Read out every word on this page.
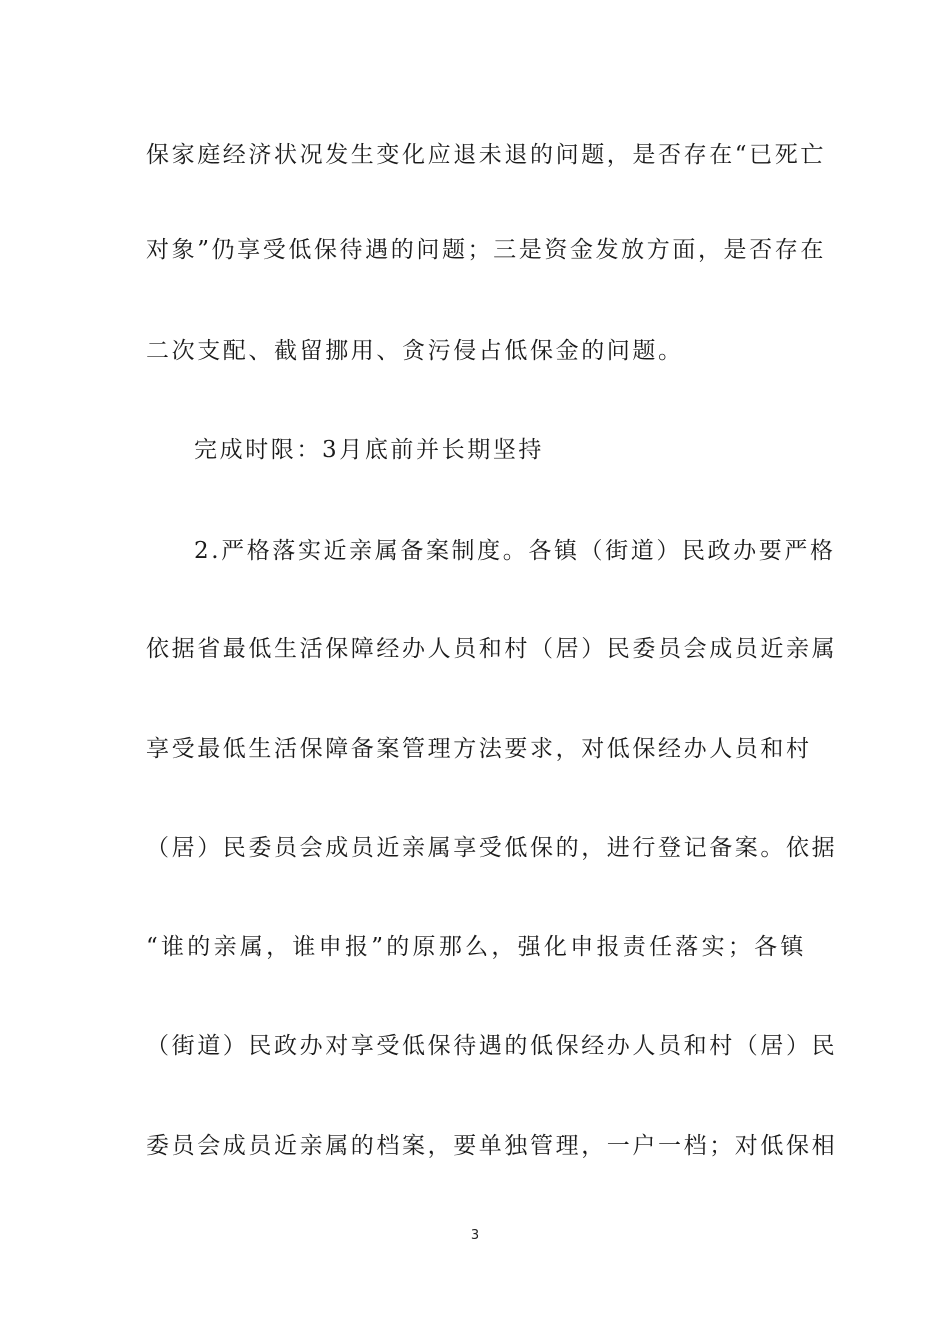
保家庭经济状况发生变化应退未退的问题，是否存在“已死亡
对象”仍享受低保待遇的问题；三是资金发放方面，是否存在
二次支配、截留挪用、贪污侵占低保金的问题。
完成时限：3月底前并长期坚持
2.严格落实近亲属备案制度。各镇（街道）民政办要严格
依据省最低生活保障经办人员和村（居）民委员会成员近亲属
享受最低生活保障备案管理方法要求，对低保经办人员和村
（居）民委员会成员近亲属享受低保的，进行登记备案。依据
“谁的亲属，谁申报”的原那么，强化申报责任落实；各镇
（街道）民政办对享受低保待遇的低保经办人员和村（居）民
委员会成员近亲属的档案，要单独管理，一户一档；对低保相
3
